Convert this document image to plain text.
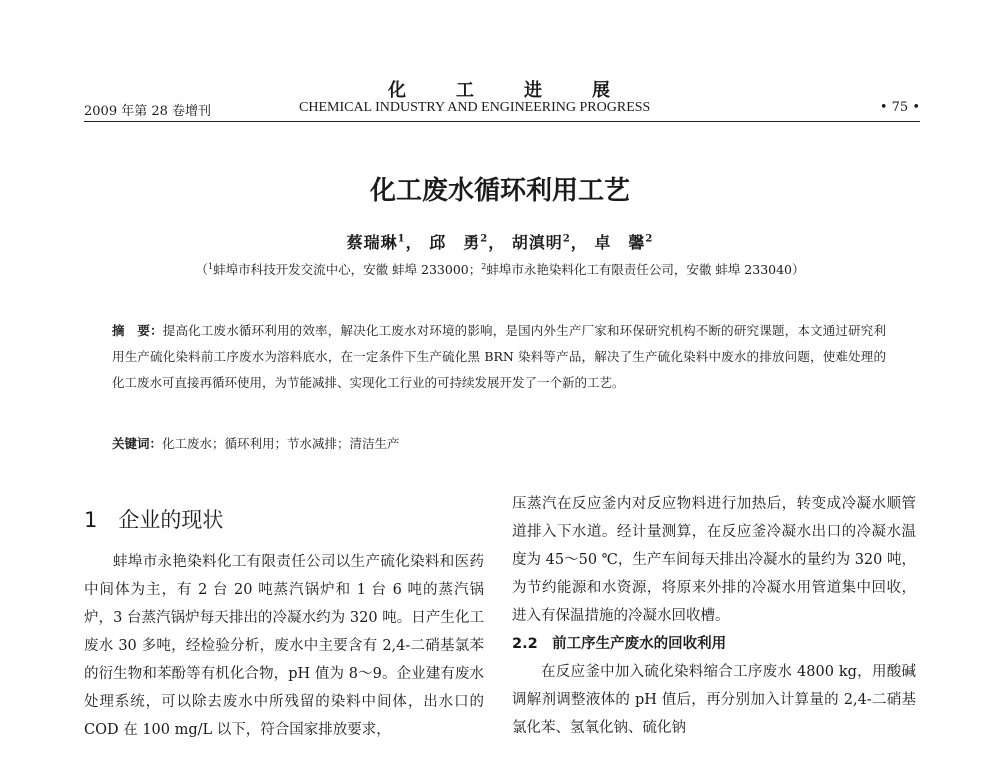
化	工	进	展
2009 年第 28 卷增刊	CHEMICAL INDUSTRY AND ENGINEERING PROGRESS	• 75 •
化工废水循环利用工艺
蔡瑞琳$^1$， 邱　勇$^2$， 胡滇明$^2$， 卓　馨$^2$
（$^1$蚌埠市科技开发交流中心，安徽 蚌埠 233000；$^2$蚌埠市永艳染料化工有限责任公司，安徽 蚌埠 233040）
摘　要：提高化工废水循环利用的效率，解决化工废水对环境的影响，是国内外生产厂家和环保研究机构不断的研究课题，本文通过研究利用生产硫化染料前工序废水为溶料底水，在一定条件下生产硫化黑 BRN 染料等产品，解决了生产硫化染料中废水的排放问题，使难处理的化工废水可直接再循环使用，为节能减排、实现化工行业的可持续发展开发了一个新的工艺。
关键词：化工废水；循环利用；节水减排；清洁生产
1　企业的现状

蚌埠市永艳染料化工有限责任公司以生产硫化染料和医药中间体为主，有 2 台 20 吨蒸汽锅炉和 1 台 6 吨的蒸汽锅炉，3 台蒸汽锅炉每天排出的冷凝水约为 320 吨。日产生化工废水 30 多吨，经检验分析，废水中主要含有 2,4-二硝基氯苯的衍生物和苯酚等有机化合物，pH 值为 8～9。企业建有废水处理系统，可以除去废水中所残留的染料中间体，出水口的 COD 在 100 mg/L 以下，符合国家排放要求，

压蒸汽在反应釜内对反应物料进行加热后，转变成冷凝水顺管道排入下水道。经计量测算，在反应釜冷凝水出口的冷凝水温度为 45～50 ℃，生产车间每天排出冷凝水的量约为 320 吨，为节约能源和水资源，将原来外排的冷凝水用管道集中回收，进入有保温措施的冷凝水回收槽。

2.2　前工序生产废水的回收利用

在反应釜中加入硫化染料缩合工序废水 4800 kg，用酸碱调解剂调整液体的 pH 值后，再分别加入计算量的 2,4-二硝基氯化苯、氢氧化钠、硫化钠
